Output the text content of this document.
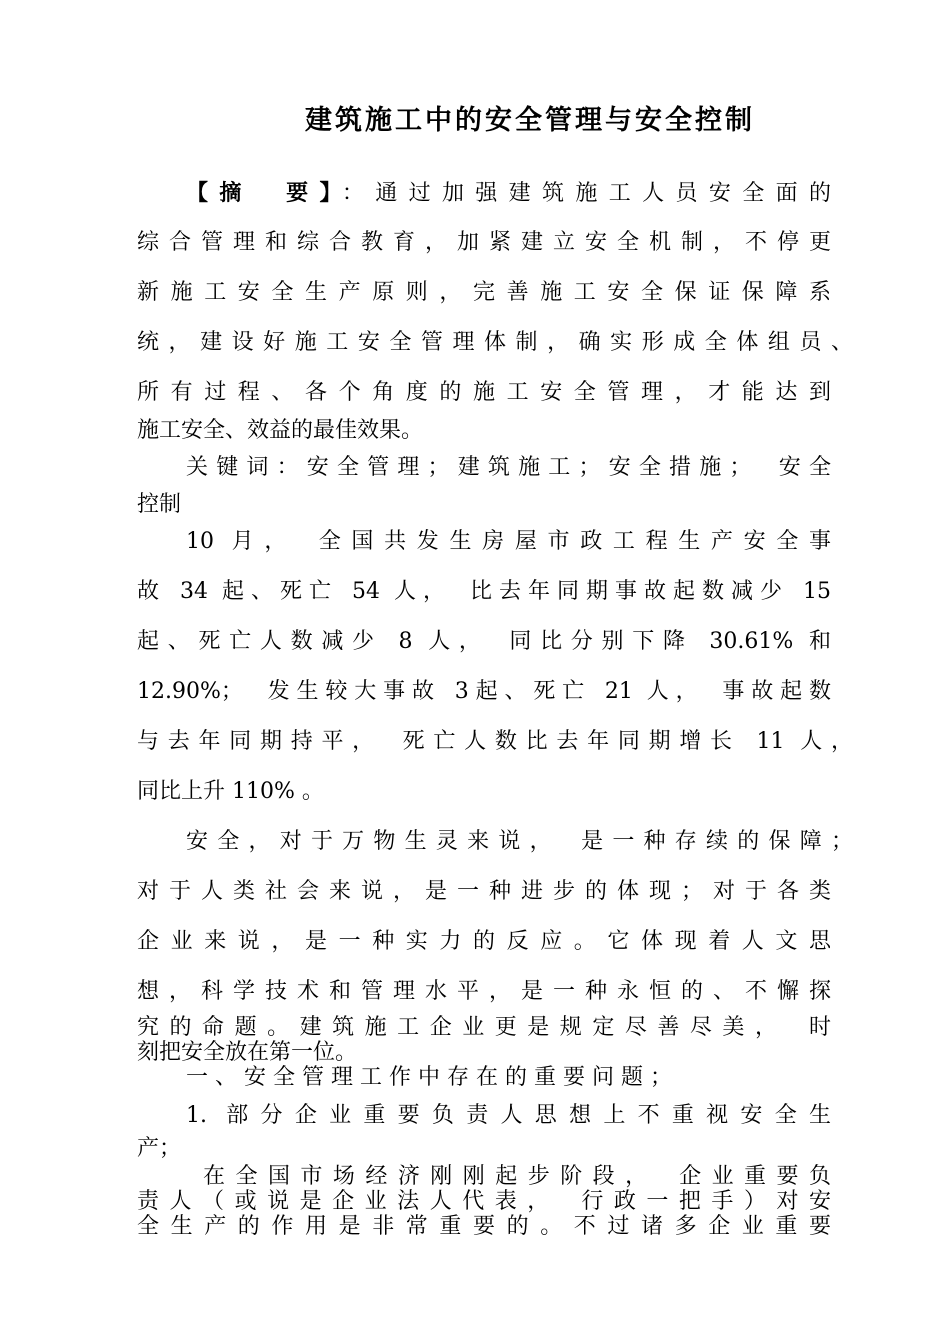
建筑施工中的安全管理与安全控制

【摘　要】：通过加强建筑施工人员安全面的

综合管理和综合教育，加紧建立安全机制，不停更

新施工安全生产原则，完善施工安全保证保障系

统，建设好施工安全管理体制，确实形成全体组员、

所有过程、各个角度的施工安全管理，才能达到

施工安全、效益的最佳效果。

关键词：安全管理；建筑施工；安全措施；　安全

控制

10 月，　全国共发生房屋市政工程生产安全事

故 34 起、死亡 54 人，　比去年同期事故起数减少 15

起、死亡人数减少 8 人，　同比分别下降 30.61% 和

12.90%；　发生较大事故 3起、死亡 21 人，　事故起数

与去年同期持平，　死亡人数比去年同期增长 11 人，

同比上升 110% 。

安全，对于万物生灵来说，　是一种存续的保障；

对于人类社会来说，是一种进步的体现；对于各类

企业来说，是一种实力的反应。它体现着人文思

想，科学技术和管理水平，是一种永恒的、不懈探

究的命题。建筑施工企业更是规定尽善尽美，　时

刻把安全放在第一位。

一、安全管理工作中存在的重要问题；

1. 部分企业重要负责人思想上不重视安全生

产；

在全国市场经济刚刚起步阶段，　企业重要负

责人（或说是企业法人代表，　行政一把手）对安

全生产的作用是非常重要的。不过诸多企业重要
